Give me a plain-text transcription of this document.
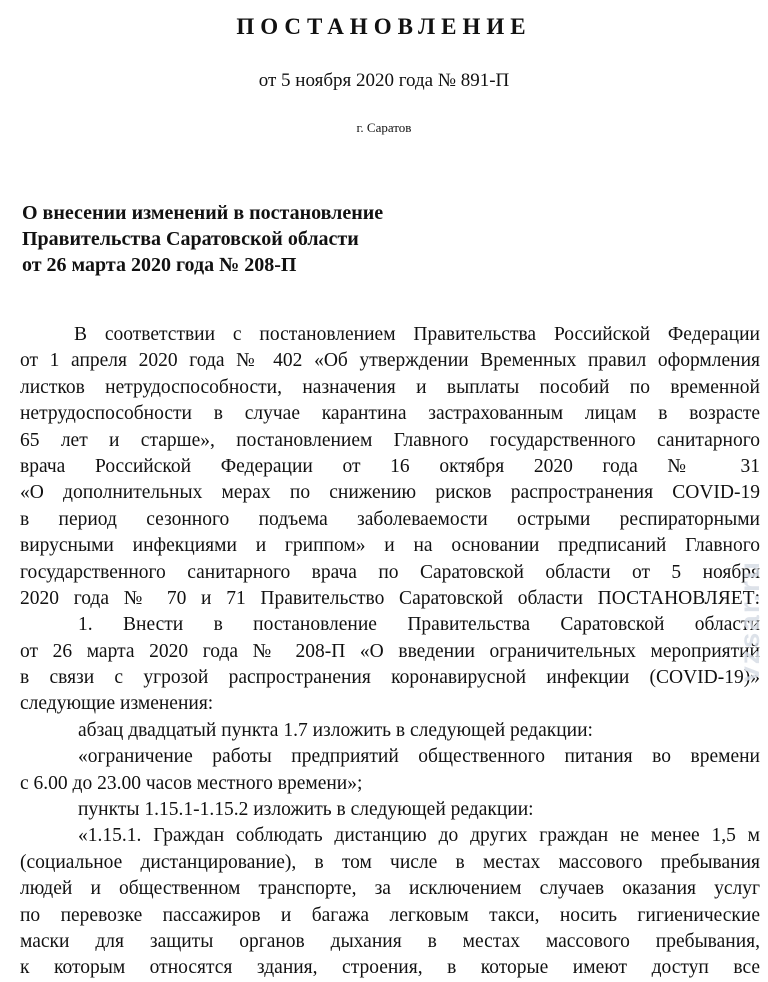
ПОСТАНОВЛЕНИЕ
от 5 ноября 2020 года № 891-П
г. Саратов
О внесении изменений в постановление
Правительства Саратовской области
от 26 марта 2020 года № 208-П
В соответствии с постановлением Правительства Российской Федерации
от 1 апреля 2020 года № 402 «Об утверждении Временных правил оформления
листков нетрудоспособности, назначения и выплаты пособий по временной
нетрудоспособности в случае карантина застрахованным лицам в возрасте
65 лет и старше», постановлением Главного государственного санитарного
врача Российской Федерации от 16 октября 2020 года № 31
«О дополнительных мерах по снижению рисков распространения COVID-19
в период сезонного подъема заболеваемости острыми респираторными
вирусными инфекциями и гриппом» и на основании предписаний Главного
государственного санитарного врача по Саратовской области от 5 ноября
2020 года № 70 и 71 Правительство Саратовской области ПОСТАНОВЛЯЕТ:
1. Внести в постановление Правительства Саратовской области
от 26 марта 2020 года № 208-П «О введении ограничительных мероприятий
в связи с угрозой распространения коронавирусной инфекции (COVID-19)»
следующие изменения:
абзац двадцатый пункта 1.7 изложить в следующей редакции:
«ограничение работы предприятий общественного питания во времени
с 6.00 до 23.00 часов местного времени»;
пункты 1.15.1-1.15.2 изложить в следующей редакции:
«1.15.1. Граждан соблюдать дистанцию до других граждан не менее 1,5 м
(социальное дистанцирование), в том числе в местах массового пребывания
людей и общественном транспорте, за исключением случаев оказания услуг
по перевозке пассажиров и багажа легковым такси, носить гигиенические
маски для защиты органов дыхания в местах массового пребывания,
к которым относятся здания, строения, в которые имеют доступ все
vzsar.ru
